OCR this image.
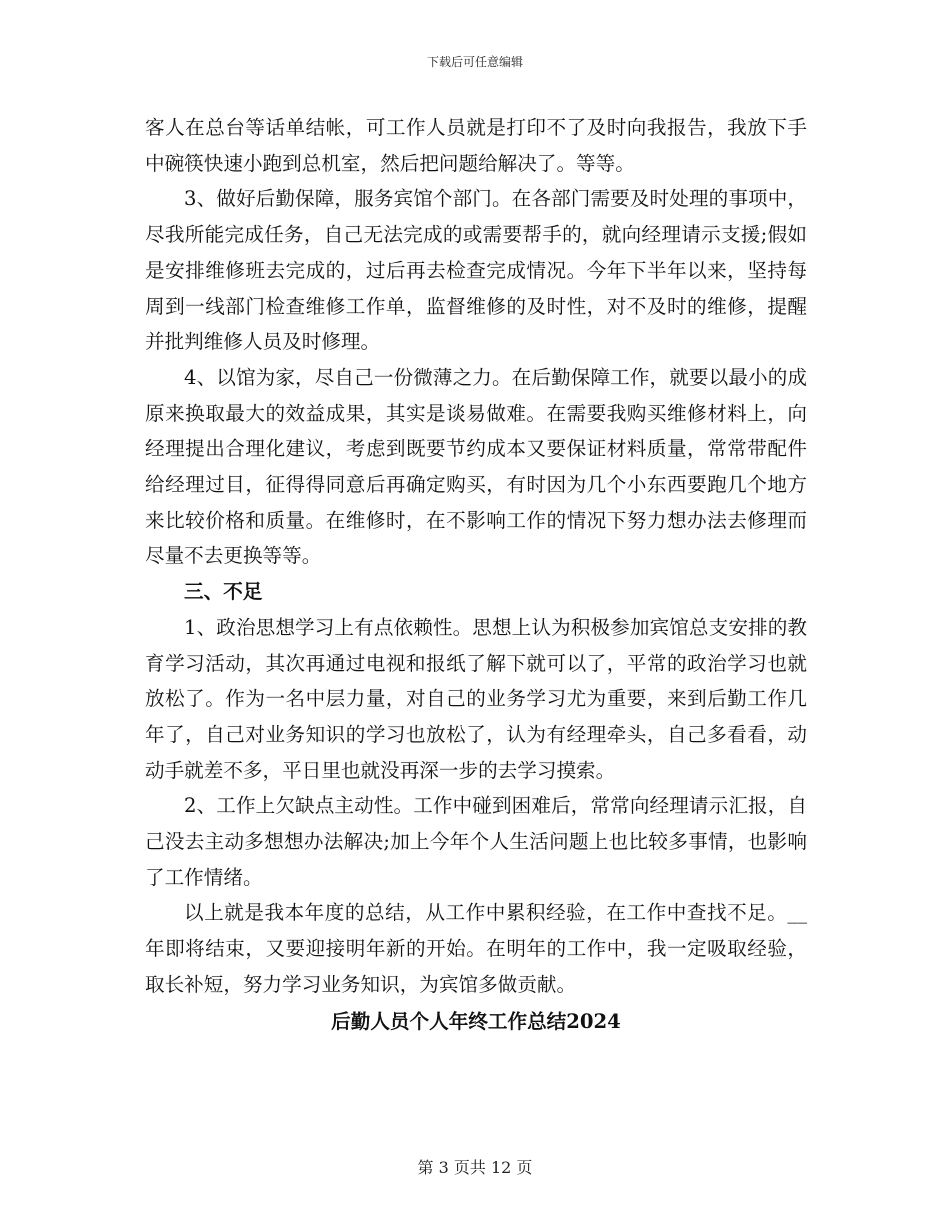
下载后可任意编辑

客人在总台等话单结帐，可工作人员就是打印不了及时向我报告，我放下手中碗筷快速小跑到总机室，然后把问题给解决了。等等。

3、做好后勤保障，服务宾馆个部门。在各部门需要及时处理的事项中，尽我所能完成任务，自己无法完成的或需要帮手的，就向经理请示支援;假如是安排维修班去完成的，过后再去检查完成情况。今年下半年以来，坚持每周到一线部门检查维修工作单，监督维修的及时性，对不及时的维修，提醒并批判维修人员及时修理。

4、以馆为家，尽自己一份微薄之力。在后勤保障工作，就要以最小的成原来换取最大的效益成果，其实是谈易做难。在需要我购买维修材料上，向经理提出合理化建议，考虑到既要节约成本又要保证材料质量，常常带配件给经理过目，征得得同意后再确定购买，有时因为几个小东西要跑几个地方来比较价格和质量。在维修时，在不影响工作的情况下努力想办法去修理而尽量不去更换等等。

三、不足

1、政治思想学习上有点依赖性。思想上认为积极参加宾馆总支安排的教育学习活动，其次再通过电视和报纸了解下就可以了，平常的政治学习也就放松了。作为一名中层力量，对自己的业务学习尤为重要，来到后勤工作几年了，自己对业务知识的学习也放松了，认为有经理牵头，自己多看看，动动手就差不多，平日里也就没再深一步的去学习摸索。

2、工作上欠缺点主动性。工作中碰到困难后，常常向经理请示汇报，自己没去主动多想想办法解决;加上今年个人生活问题上也比较多事情，也影响了工作情绪。

以上就是我本年度的总结，从工作中累积经验，在工作中查找不足。__年即将结束，又要迎接明年新的开始。在明年的工作中，我一定吸取经验，取长补短，努力学习业务知识，为宾馆多做贡献。

后勤人员个人年终工作总结2024

第 3 页共 12 页
